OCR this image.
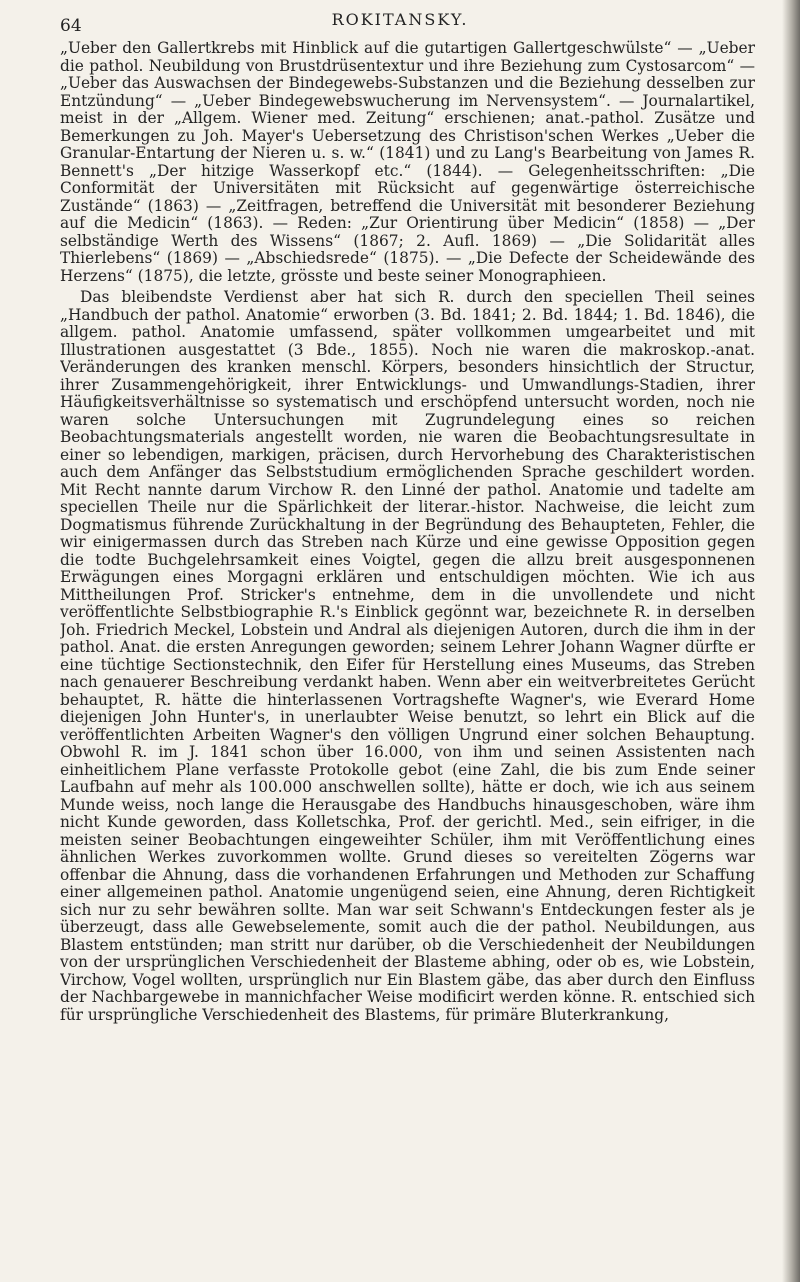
64	ROKITANSKY.

„Ueber den Gallertkrebs mit Hinblick auf die gutartigen Gallertgeschwülste“ — „Ueber die pathol. Neubildung von Brustdrüsentextur und ihre Beziehung zum Cystosarcom“ — „Ueber das Auswachsen der Bindegewebs-Substanzen und die Beziehung desselben zur Entzündung“ — „Ueber Bindegewebswucherung im Nervensystem“. — Journalartikel, meist in der „Allgem. Wiener med. Zeitung“ erschienen; anat.-pathol. Zusätze und Bemerkungen zu Joh. Mayer's Uebersetzung des Christison'schen Werkes „Ueber die Granular-Entartung der Nieren u. s. w.“ (1841) und zu Lang's Bearbeitung von James R. Bennett's „Der hitzige Wasserkopf etc.“ (1844). — Gelegenheitsschriften: „Die Conformität der Universitäten mit Rücksicht auf gegenwärtige österreichische Zustände“ (1863) — „Zeitfragen, betreffend die Universität mit besonderer Beziehung auf die Medicin“ (1863). — Reden: „Zur Orientirung über Medicin“ (1858) — „Der selbständige Werth des Wissens“ (1867; 2. Aufl. 1869) — „Die Solidarität alles Thierlebens“ (1869) — „Abschiedsrede“ (1875). — „Die Defecte der Scheidewände des Herzens“ (1875), die letzte, grösste und beste seiner Monographieen.

Das bleibendste Verdienst aber hat sich R. durch den speciellen Theil seines „Handbuch der pathol. Anatomie“ erworben (3. Bd. 1841; 2. Bd. 1844; 1. Bd. 1846), die allgem. pathol. Anatomie umfassend, später vollkommen umgearbeitet und mit Illustrationen ausgestattet (3 Bde., 1855). Noch nie waren die makroskop.-anat. Veränderungen des kranken menschl. Körpers, besonders hinsichtlich der Structur, ihrer Zusammengehörigkeit, ihrer Entwicklungs- und Umwandlungs-Stadien, ihrer Häufigkeitsverhältnisse so systematisch und erschöpfend untersucht worden, noch nie waren solche Untersuchungen mit Zugrundelegung eines so reichen Beobachtungsmaterials angestellt worden, nie waren die Beobachtungsresultate in einer so lebendigen, markigen, präcisen, durch Hervorhebung des Charakteristischen auch dem Anfänger das Selbststudium ermöglichenden Sprache geschildert worden. Mit Recht nannte darum Virchow R. den Linné der pathol. Anatomie und tadelte am speciellen Theile nur die Spärlichkeit der literar.-histor. Nachweise, die leicht zum Dogmatismus führende Zurückhaltung in der Begründung des Behaupteten, Fehler, die wir einigermassen durch das Streben nach Kürze und eine gewisse Opposition gegen die todte Buchgelehrsamkeit eines Voigtel, gegen die allzu breit ausgesponnenen Erwägungen eines Morgagni erklären und entschuldigen möchten. Wie ich aus Mittheilungen Prof. Stricker's entnehme, dem in die unvollendete und nicht veröffentlichte Selbstbiographie R.'s Einblick gegönnt war, bezeichnete R. in derselben Joh. Friedrich Meckel, Lobstein und Andral als diejenigen Autoren, durch die ihm in der pathol. Anat. die ersten Anregungen geworden; seinem Lehrer Johann Wagner dürfte er eine tüchtige Sectionstechnik, den Eifer für Herstellung eines Museums, das Streben nach genauerer Beschreibung verdankt haben. Wenn aber ein weitverbreitetes Gerücht behauptet, R. hätte die hinterlassenen Vortragshefte Wagner's, wie Everard Home diejenigen John Hunter's, in unerlaubter Weise benutzt, so lehrt ein Blick auf die veröffentlichten Arbeiten Wagner's den völligen Ungrund einer solchen Behauptung. Obwohl R. im J. 1841 schon über 16.000, von ihm und seinen Assistenten nach einheitlichem Plane verfasste Protokolle gebot (eine Zahl, die bis zum Ende seiner Laufbahn auf mehr als 100.000 anschwellen sollte), hätte er doch, wie ich aus seinem Munde weiss, noch lange die Herausgabe des Handbuchs hinausgeschoben, wäre ihm nicht Kunde geworden, dass Kolletschka, Prof. der gerichtl. Med., sein eifriger, in die meisten seiner Beobachtungen eingeweihter Schüler, ihm mit Veröffentlichung eines ähnlichen Werkes zuvorkommen wollte. Grund dieses so vereitelten Zögerns war offenbar die Ahnung, dass die vorhandenen Erfahrungen und Methoden zur Schaffung einer allgemeinen pathol. Anatomie ungenügend seien, eine Ahnung, deren Richtigkeit sich nur zu sehr bewähren sollte. Man war seit Schwann's Entdeckungen fester als je überzeugt, dass alle Gewebselemente, somit auch die der pathol. Neubildungen, aus Blastem entstünden; man stritt nur darüber, ob die Verschiedenheit der Neubildungen von der ursprünglichen Verschiedenheit der Blasteme abhing, oder ob es, wie Lobstein, Virchow, Vogel wollten, ursprünglich nur Ein Blastem gäbe, das aber durch den Einfluss der Nachbargewebe in mannichfacher Weise modificirt werden könne. R. entschied sich für ursprüngliche Verschiedenheit des Blastems, für primäre Bluterkrankung,
